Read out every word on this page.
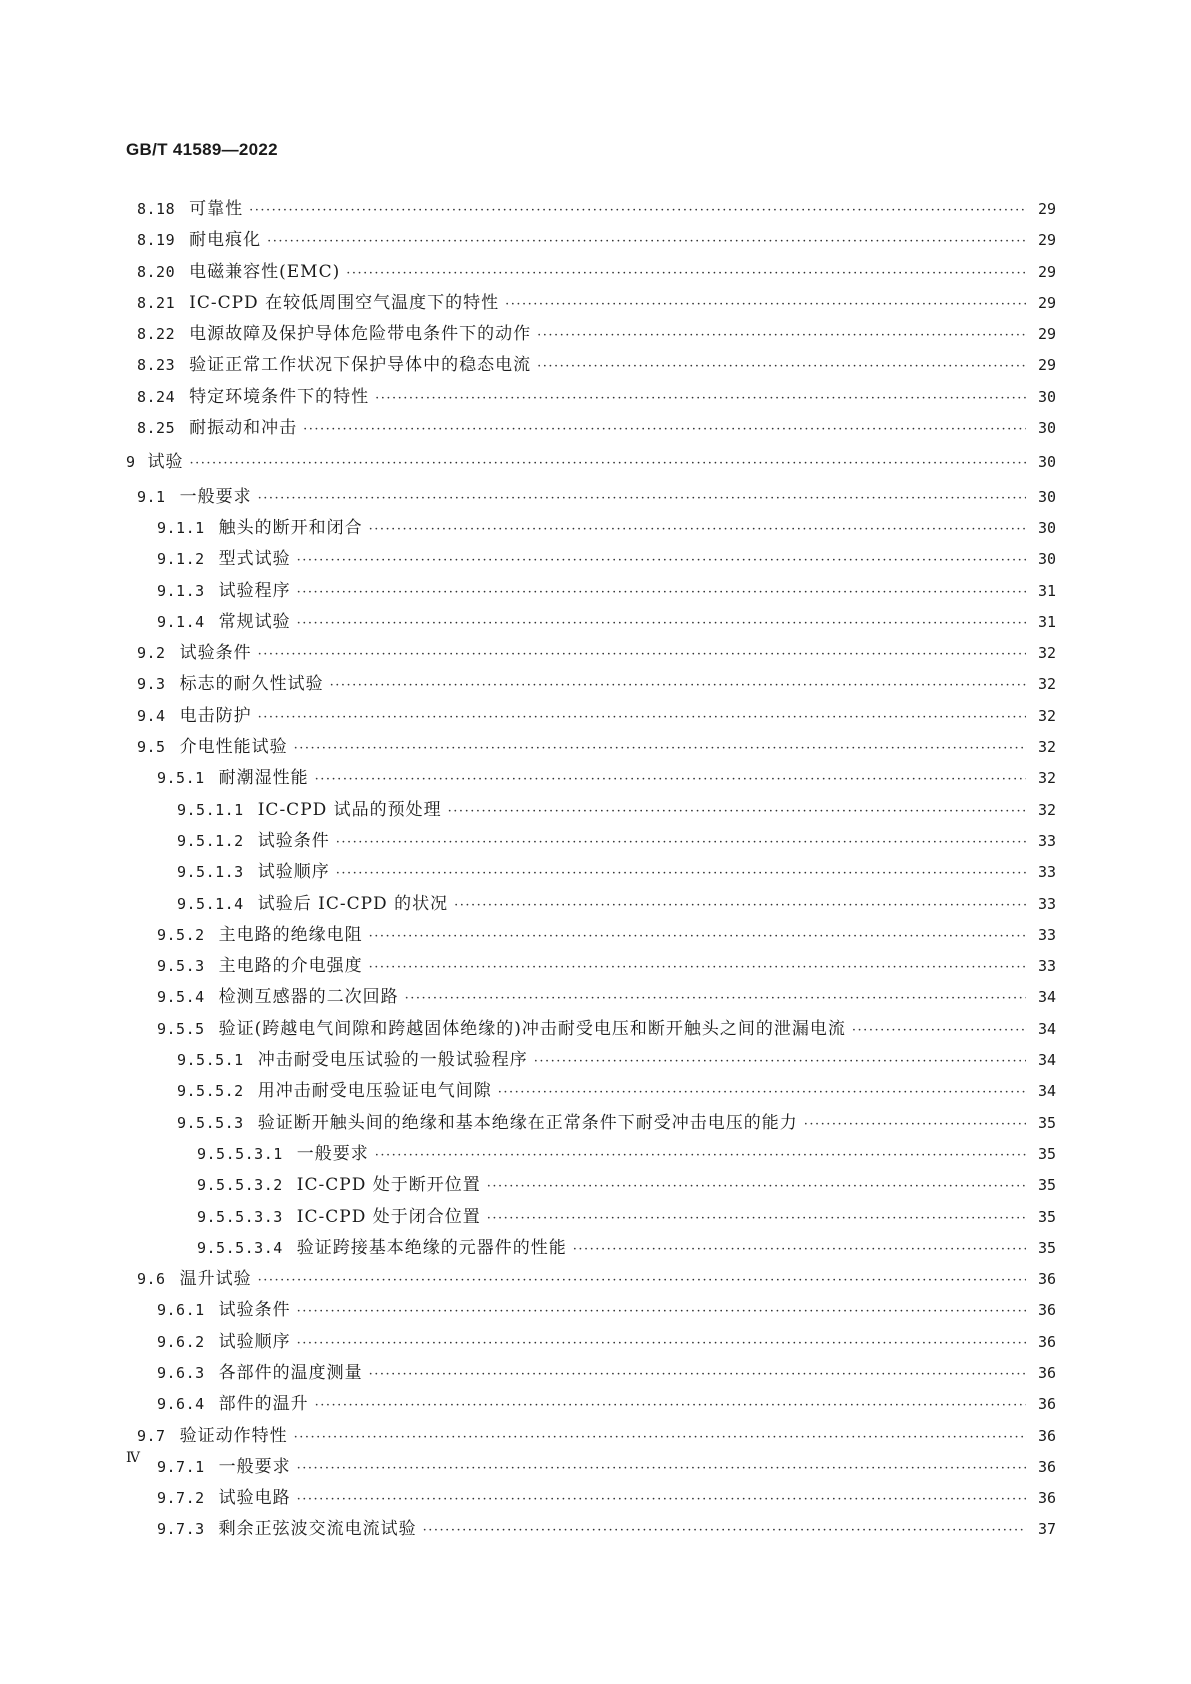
GB/T 41589—2022
8.18 可靠性 ·····	29
8.19 耐电痕化 ·····	29
8.20 电磁兼容性(EMC) ·····	29
8.21 IC-CPD 在较低周围空气温度下的特性 ·····	29
8.22 电源故障及保护导体危险带电条件下的动作 ·····	29
8.23 验证正常工作状况下保护导体中的稳态电流 ·····	29
8.24 特定环境条件下的特性 ·····	30
8.25 耐振动和冲击 ·····	30
9 试验 ·····	30
9.1 一般要求 ·····	30
9.1.1 触头的断开和闭合 ·····	30
9.1.2 型式试验 ·····	30
9.1.3 试验程序 ·····	31
9.1.4 常规试验 ·····	31
9.2 试验条件 ·····	32
9.3 标志的耐久性试验 ·····	32
9.4 电击防护 ·····	32
9.5 介电性能试验 ·····	32
9.5.1 耐潮湿性能 ·····	32
9.5.1.1 IC-CPD 试品的预处理 ·····	32
9.5.1.2 试验条件 ·····	33
9.5.1.3 试验顺序 ·····	33
9.5.1.4 试验后 IC-CPD 的状况 ·····	33
9.5.2 主电路的绝缘电阻 ·····	33
9.5.3 主电路的介电强度 ·····	33
9.5.4 检测互感器的二次回路 ·····	34
9.5.5 验证(跨越电气间隙和跨越固体绝缘的)冲击耐受电压和断开触头之间的泄漏电流 ·····	34
9.5.5.1 冲击耐受电压试验的一般试验程序 ·····	34
9.5.5.2 用冲击耐受电压验证电气间隙 ·····	34
9.5.5.3 验证断开触头间的绝缘和基本绝缘在正常条件下耐受冲击电压的能力 ·····	35
9.5.5.3.1 一般要求 ·····	35
9.5.5.3.2 IC-CPD 处于断开位置 ·····	35
9.5.5.3.3 IC-CPD 处于闭合位置 ·····	35
9.5.5.3.4 验证跨接基本绝缘的元器件的性能 ·····	35
9.6 温升试验 ·····	36
9.6.1 试验条件 ·····	36
9.6.2 试验顺序 ·····	36
9.6.3 各部件的温度测量 ·····	36
9.6.4 部件的温升 ·····	36
9.7 验证动作特性 ·····	36
9.7.1 一般要求 ·····	36
9.7.2 试验电路 ·····	36
9.7.3 剩余正弦波交流电流试验 ·····	37
Ⅳ
